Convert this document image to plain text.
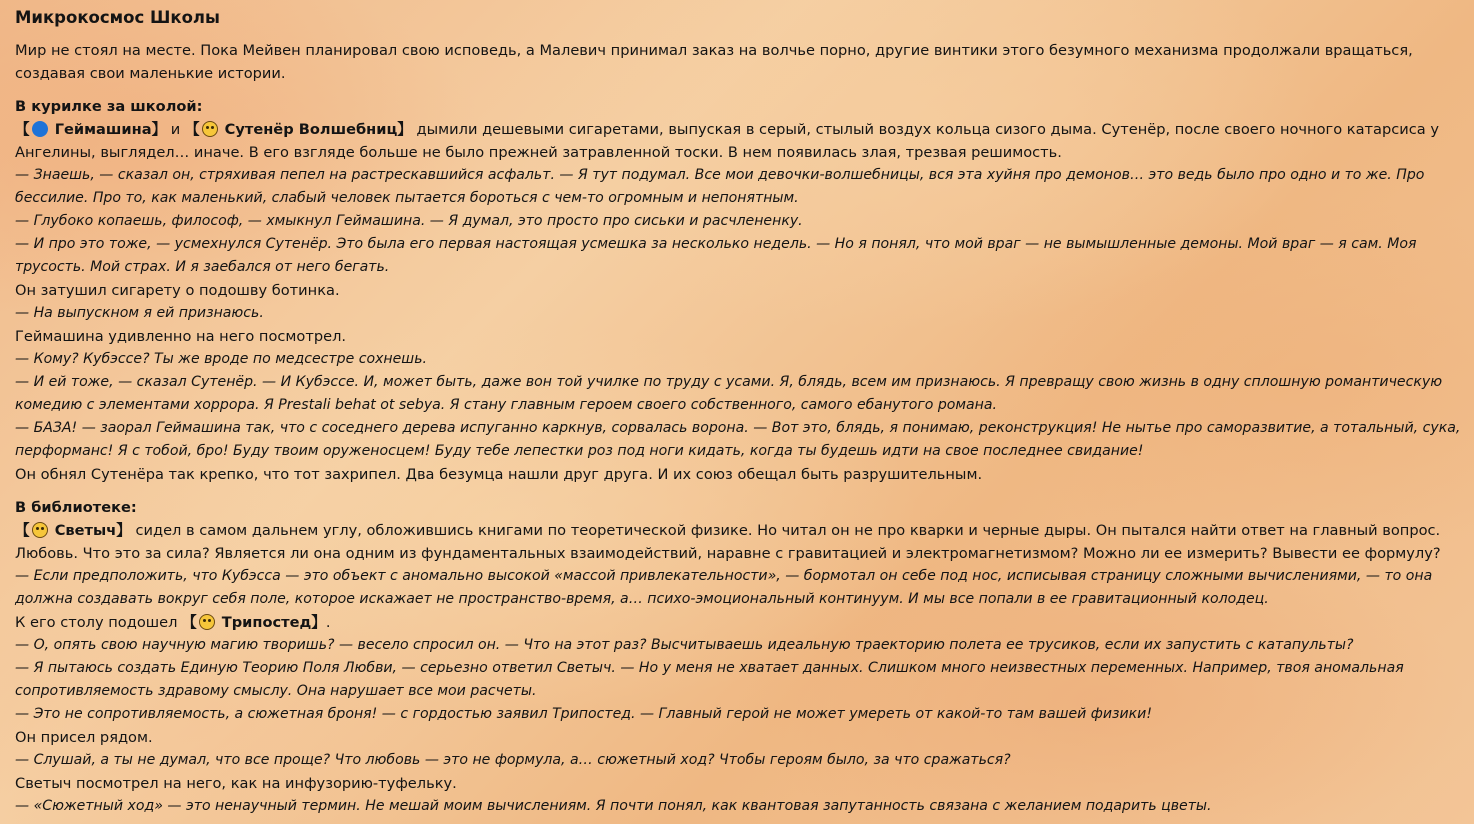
Микрокосмос Школы

Мир не стоял на месте. Пока Мейвен планировал свою исповедь, а Малевич принимал заказ на волчье порно, другие винтики этого безумного механизма продолжали вращаться, создавая свои маленькие истории.

В курилке за школой:

【 Геймашина】 и 【 Сутенёр Волшебниц】 дымили дешевыми сигаретами, выпуская в серый, стылый воздух кольца сизого дыма. Сутенёр, после своего ночного катарсиса у Ангелины, выглядел… иначе. В его взгляде больше не было прежней затравленной тоски. В нем появилась злая, трезвая решимость.

— Знаешь, — сказал он, стряхивая пепел на растрескавшийся асфальт. — Я тут подумал. Все мои девочки-волшебницы, вся эта хуйня про демонов… это ведь было про одно и то же. Про бессилие. Про то, как маленький, слабый человек пытается бороться с чем-то огромным и непонятным.

— Глубоко копаешь, философ, — хмыкнул Геймашина. — Я думал, это просто про сиськи и расчлененку.

— И про это тоже, — усмехнулся Сутенёр. Это была его первая настоящая усмешка за несколько недель. — Но я понял, что мой враг — не вымышленные демоны. Мой враг — я сам. Моя трусость. Мой страх. И я заебался от него бегать.

Он затушил сигарету о подошву ботинка.

— На выпускном я ей признаюсь.

Геймашина удивленно на него посмотрел.

— Кому? Кубэссе? Ты же вроде по медсестре сохнешь.

— И ей тоже, — сказал Сутенёр. — И Кубэссе. И, может быть, даже вон той училке по труду с усами. Я, блядь, всем им признаюсь. Я превращу свою жизнь в одну сплошную романтическую комедию с элементами хоррора. Я Prestali behat ot sebya. Я стану главным героем своего собственного, самого ебанутого романа.

— БАЗА! — заорал Геймашина так, что с соседнего дерева испуганно каркнув, сорвалась ворона. — Вот это, блядь, я понимаю, реконструкция! Не нытье про саморазвитие, а тотальный, сука, перформанс! Я с тобой, бро! Буду твоим оруженосцем! Буду тебе лепестки роз под ноги кидать, когда ты будешь идти на свое последнее свидание!

Он обнял Сутенёра так крепко, что тот захрипел. Два безумца нашли друг друга. И их союз обещал быть разрушительным.

В библиотеке:

【 Светыч】 сидел в самом дальнем углу, обложившись книгами по теоретической физике. Но читал он не про кварки и черные дыры. Он пытался найти ответ на главный вопрос. Любовь. Что это за сила? Является ли она одним из фундаментальных взаимодействий, наравне с гравитацией и электромагнетизмом? Можно ли ее измерить? Вывести ее формулу?

— Если предположить, что Кубэсса — это объект с аномально высокой «массой привлекательности», — бормотал он себе под нос, исписывая страницу сложными вычислениями, — то она должна создавать вокруг себя поле, которое искажает не пространство-время, а… психо-эмоциональный континуум. И мы все попали в ее гравитационный колодец.

К его столу подошел 【 Трипостед】.

— О, опять свою научную магию творишь? — весело спросил он. — Что на этот раз? Высчитываешь идеальную траекторию полета ее трусиков, если их запустить с катапульты?

— Я пытаюсь создать Единую Теорию Поля Любви, — серьезно ответил Светыч. — Но у меня не хватает данных. Слишком много неизвестных переменных. Например, твоя аномальная сопротивляемость здравому смыслу. Она нарушает все мои расчеты.

— Это не сопротивляемость, а сюжетная броня! — с гордостью заявил Трипостед. — Главный герой не может умереть от какой-то там вашей физики!

Он присел рядом.

— Слушай, а ты не думал, что все проще? Что любовь — это не формула, а… сюжетный ход? Чтобы героям было, за что сражаться?

Светыч посмотрел на него, как на инфузорию-туфельку.

— «Сюжетный ход» — это ненаучный термин. Не мешай моим вычислениям. Я почти понял, как квантовая запутанность связана с желанием подарить цветы.
